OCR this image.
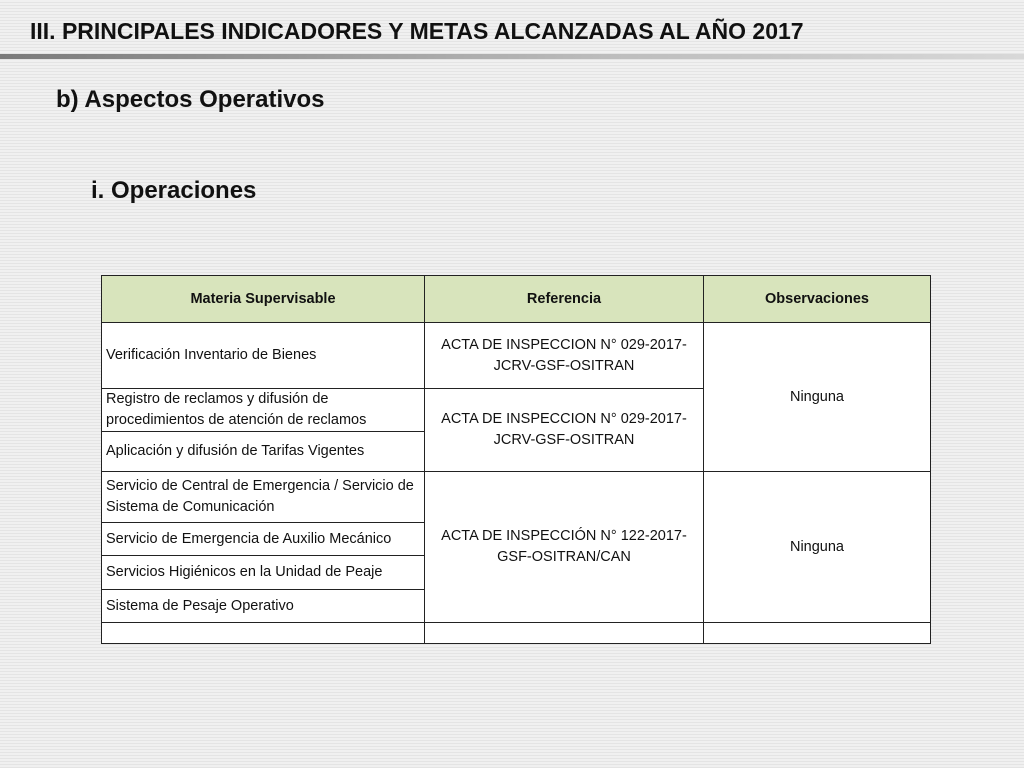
III. PRINCIPALES INDICADORES Y METAS ALCANZADAS AL AÑO 2017
b) Aspectos Operativos
i. Operaciones
Materia Supervisable	Referencia	Observaciones
Verificación Inventario de Bienes	ACTA DE INSPECCION N° 029-2017-JCRV-GSF-OSITRAN	Ninguna
Registro de reclamos y difusión de procedimientos de atención de reclamos	ACTA DE INSPECCION N° 029-2017-JCRV-GSF-OSITRAN	
Aplicación y difusión de Tarifas Vigentes		
Servicio de Central de Emergencia / Servicio de Sistema de Comunicación	ACTA DE INSPECCIÓN N° 122-2017-GSF-OSITRAN/CAN	Ninguna
Servicio de Emergencia de Auxilio Mecánico		
Servicios Higiénicos en la Unidad de Peaje		
Sistema de Pesaje Operativo		
